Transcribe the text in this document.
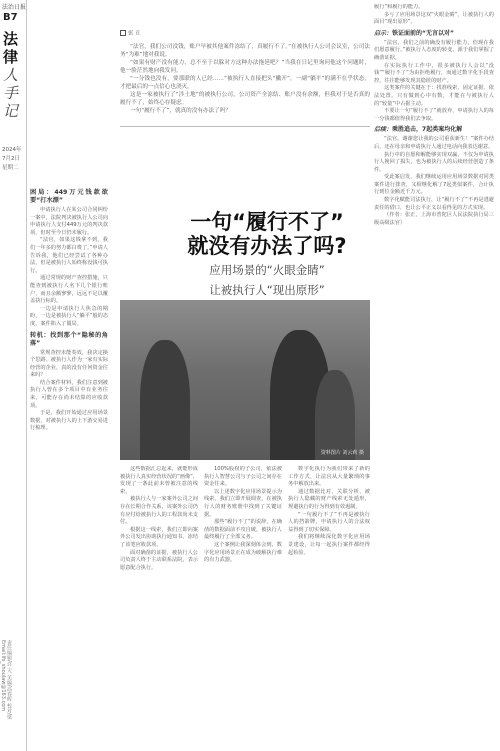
法治日报
B7
法
律
人
手
记
2024年
7月2日
星期二
责任编辑/许 天 美编/高春晖 校对/梁 Email:lfs_shoulaw@163.com
张 正

“法官，我们公司没钱，账户早被其他案件冻结了，真履行不了。”在被执行人公司会议室，公司法务“为难”地对我说。

“如果有财产没有能力，总不至于以躲对方这种办法拖延吧？”当我在日记里询问他这个问题时，他一脸茫然地向我发问。

“一分钱也没有，要那联的人已经……”被执行人直接把头“撇开”，一副“躺平”的满不在乎状态，才把最后的一点信心也浇灭。

这是一家被执行了“涉土地”的被执行公司，公司资产全冻结、账户没有余额，但我对于是否真的履行不了，始终心存疑虑。

一句“履行不了”，就真的没有办法了吗？

履行”和履行的能力。

多亏了应用场景这双“火眼金睛”，让被执行人的面目“现出原形”。

启示：铁证面前的“无言以对”

“法官，我们之前的确没有履行能力，但现在我们愿意履行。”被执行人态度的转变，源于我们掌握了确凿证据。

在实际执行工作中，很多被执行人会以“没钱”“履行不了”为由拒绝履行，而通过数字化手段查控，往往能够发现其隐匿的财产。

这类案件的关键在于：找准线索、固定证据、依法处置。只有做到心中有数，才能在与被执行人的“较量”中占据主动。

不要让一句“履行不了”就放弃，申请执行人的每一分钱都值得我们去争取。

后续：乘胜追击，7起类案均化解

“法官，谢谢您让我的公司重获新生！”案件办结后，还在母亲和申请执行人通过电话向我表达谢意。

执行中的自愿和解能够实现双赢，不仅为申请执行人挽回了损失，也为被执行人的后续经营创造了条件。

受此案启发，我们继续运用应用场景数据对同类案件进行排查，又相继化解了7起类似案件，合计执行到位金额近千万元。

数字化赋能司法执行，让“履行不了”不再是逃避责任的借口，也让公平正义以看得见的方式实现。

（作者：张正，上海市普陀区人民法院执行局三级高级法官）

困局：449万元钱款欲要“打水漂”

申请执行人在某公司合同纠纷一案中，法院判决被执行人公司向申请执行人支付449万元的判决款项，但时至今日仍未履行。

“法官，如果这钱拿不到，我们一年多的努力都白费了。”申请人告诉我，他们已经尝试了各种办法，但是被执行人始终称没钱可执行。

通过常规的财产查控措施，只能查到被执行人名下几个银行账户，而且余额寥寥，远远不足以覆盖执行标的。

一边是申请执行人焦急的期盼，一边是被执行人“躺平”般的态度，案件陷入了僵局。

转机：找到那个“隐秘的角落”

常规查控未能奏效，我决定换个思路。被执行人作为一家有实际经营的企业，真的没有任何资金往来吗？

结合案件材料，我们注意到被执行人曾在多个项目中有业务往来，可能存在尚未结算的应收款项。

于是，我们开始通过应用场景数据，对被执行人的上下游交易进行梳理。

一句“履行不了”
就没有办法了吗?
应用场景的“火眼金睛”
让被执行人“现出原形”
资料图片 刘云莉 摄

这些数据汇总起来，就能形成被执行人真实经营状况的“画像”，发现了一条此前未曾被注意的线索。

被执行人与一家案外公司之间存在长期合作关系，该案外公司仍有应付给被执行人的工程款尚未支付。

根据这一线索，我们立即向案外公司发出协助执行通知书，冻结了该笔应收款项。

面对确凿的证据，被执行人公司负责人终于主动联系法院，表示愿意配合执行。

100%股权的子公司，依法被执行人智慧公司与子公司之间存在资金往来。

以上述数字化应用场景提示为线索，我们立即开展调查，在被执行人的财务账册中找到了关键证据。

那些“履行不了”的说辞，在确凿的数据面前不攻自破，被执行人最终履行了全部义务。

这个案例让我深刻体会到，数字化应用场景正在成为破解执行难的有力武器。

数字化执行为我们带来了新的工作方式，让法官从大量繁琐的事务中解放出来。

通过数据比对、关联分析，被执行人隐藏的财产线索无处遁形，规避执行的行为得到有效遏制。

“一句履行不了”不再是被执行人的挡箭牌，申请执行人的合法权益得到了切实保障。

我们将继续深化数字化应用场景建设，让每一起执行案件都经得起检验。
